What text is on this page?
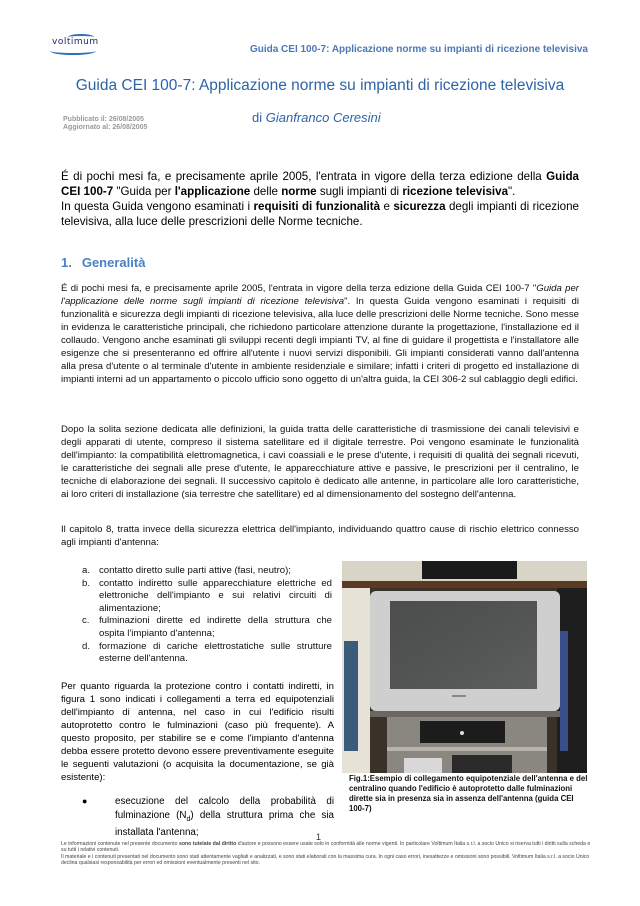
voltimum
Guida CEI 100-7: Applicazione norme su impianti di ricezione televisiva
Guida CEI 100-7: Applicazione norme su impianti di ricezione televisiva
Pubblicato il: 26/08/2005
Aggiornato al: 26/08/2005
di Gianfranco Ceresini
É di pochi mesi fa, e precisamente aprile 2005, l'entrata in vigore della terza edizione della Guida CEI 100-7 "Guida per l'applicazione delle norme sugli impianti di ricezione televisiva".
In questa Guida vengono esaminati i requisiti di funzionalità e sicurezza degli impianti di ricezione televisiva, alla luce delle prescrizioni delle Norme tecniche.
1. Generalità
É di pochi mesi fa, e precisamente aprile 2005, l'entrata in vigore della terza edizione della Guida CEI 100-7 "Guida per l'applicazione delle norme sugli impianti di ricezione televisiva". In questa Guida vengono esaminati i requisiti di funzionalità e sicurezza degli impianti di ricezione televisiva, alla luce delle prescrizioni delle Norme tecniche. Sono messe in evidenza le caratteristiche principali, che richiedono particolare attenzione durante la progettazione, l'installazione ed il collaudo. Vengono anche esaminati gli sviluppi recenti degli impianti TV, al fine di guidare il progettista e l'installatore alle esigenze che si presenteranno ed offrire all'utente i nuovi servizi disponibili. Gli impianti considerati vanno dall'antenna alla presa d'utente o al terminale d'utente in ambiente residenziale e similare; infatti i criteri di progetto ed installazione di impianti interni ad un appartamento o piccolo ufficio sono oggetto di un'altra guida, la CEI 306-2 sul cablaggio degli edifici.
Dopo la solita sezione dedicata alle definizioni, la guida tratta delle caratteristiche di trasmissione dei canali televisivi e degli apparati di utente, compreso il sistema satellitare ed il digitale terrestre. Poi vengono esaminate le funzionalità dell'impianto: la compatibilità elettromagnetica, i cavi coassiali e le prese d'utente, i requisiti di qualità dei segnali ricevuti, le caratteristiche dei segnali alle prese d'utente, le apparecchiature attive e passive, le prescrizioni per il centralino, le tecniche di elaborazione dei segnali. Il successivo capitolo è dedicato alle antenne, in particolare alle loro caratteristiche, ai loro criteri di installazione (sia terrestre che satellitare) ed al dimensionamento del sostegno dell'antenna.
Il capitolo 8, tratta invece della sicurezza elettrica dell'impianto, individuando quattro cause di rischio elettrico connesso agli impianti d'antenna:
a. contatto diretto sulle parti attive (fasi, neutro);
b. contatto indiretto sulle apparecchiature elettriche ed elettroniche dell'impianto e sui relativi circuiti di alimentazione;
c. fulminazioni dirette ed indirette della struttura che ospita l'impianto d'antenna;
d. formazione di cariche elettrostatiche sulle strutture esterne dell'antenna.
Per quanto riguarda la protezione contro i contatti indiretti, in figura 1 sono indicati i collegamenti a terra ed equipotenziali dell'impianto di antenna, nel caso in cui l'edificio risulti autoprotetto contro le fulminazioni (caso più frequente). A questo proposito, per stabilire se e come l'impianto d'antenna debba essere protetto devono essere preventivamente eseguite le seguenti valutazioni (o acquisita la documentazione, se già esistente):
●	esecuzione del calcolo della probabilità di fulminazione $(N_d)$ della struttura prima che sia installata l'antenna;
Fig.1:Esempio di collegamento equipotenziale dell'antenna e del centralino quando l'edificio è autoprotetto dalle fulminazioni dirette sia in presenza sia in assenza dell'antenna (guida CEI 100-7)
1
Le informazioni contenute nel presente documento sono tutelate dal diritto d'autore e possono essere usate solo in conformità alle norme vigenti. In particolare Voltimum Italia s.r.l. a socio Unico si riserva tutti i diritti sulla scheda e su tutti i relativi contenuti.
Il materiale e i contenuti presentati nel documento sono stati attentamente vagliati e analizzati, e sono stati elaborati con la massima cura. In ogni caso errori, inesattezze e omissioni sono possibili. Voltimum Italia s.r.l. a socio Unico declina qualsiasi responsabilità per errori ed omissioni eventualmente presenti nel sito.
